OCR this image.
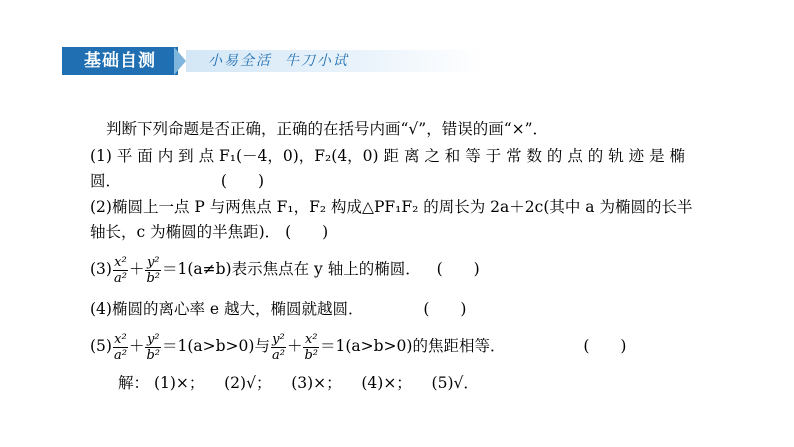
基础自测	小易全活  牛刀小试
判断下列命题是否正确，正确的在括号内画“√”，错误的画“×”．
(1) 平 面 内 到 点 F₁(－4，0)，F₂(4，0) 距 离 之 和 等 于 常 数 的 点 的 轨 迹 是 椭
圆．	(　　)
(2)椭圆上一点 P 与两焦点 F₁，F₂ 构成△PF₁F₂ 的周长为 2a＋2c(其中 a 为椭圆的长半
轴长，c 为椭圆的半焦距)． (　　)
$(3) \frac{\text{x²}}{\text{a²}} + \frac{\text{y²}}{\text{b²}} =1(a\ne b)$表示焦点在 y 轴上的椭圆． (　　)
(4)椭圆的离心率 e 越大，椭圆就越圆．	(　　)
$(5) \frac{\text{x²}}{\text{a²}} + \frac{\text{y²}}{\text{b²}} =1(a>b>0)$与 $\frac{\text{y²}}{\text{a²}} + \frac{\text{x²}}{\text{b²}} =1(a>b>0)$的焦距相等．	(　　)
解： (1)×； (2)√； (3)×； (4)×； (5)√．
